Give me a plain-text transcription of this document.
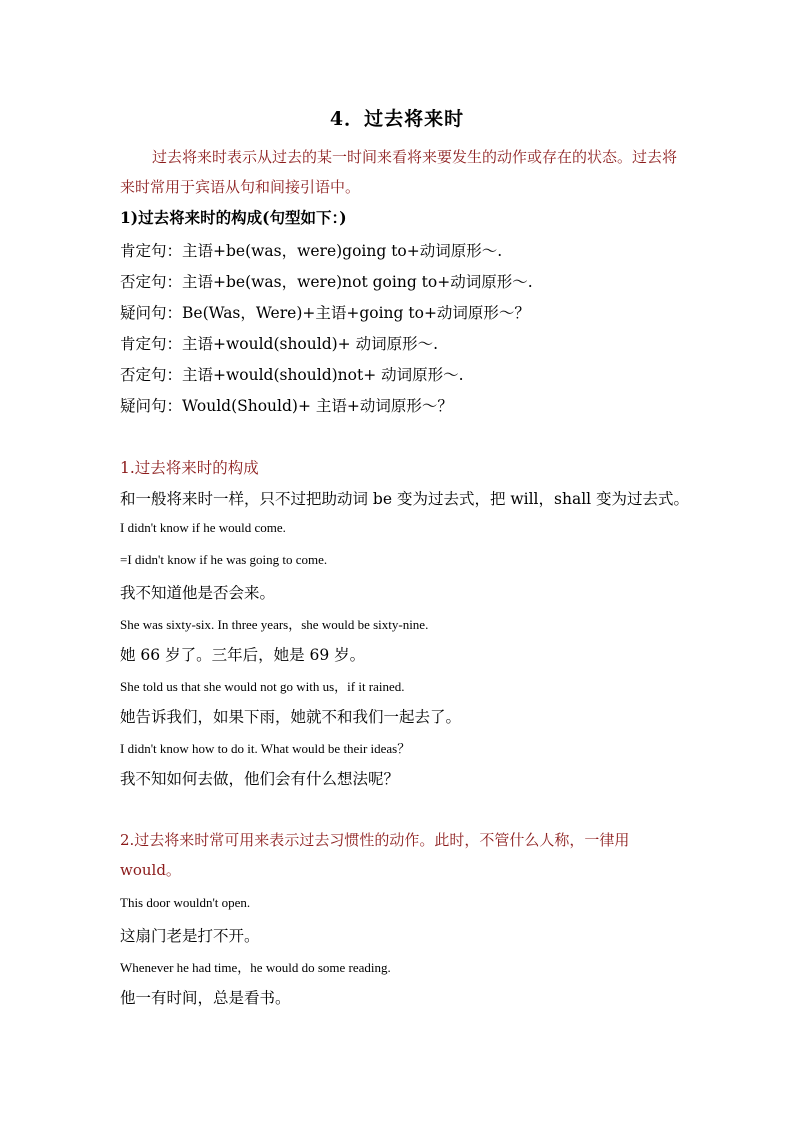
4．过去将来时

过去将来时表示从过去的某一时间来看将来要发生的动作或存在的状态。过去将来时常用于宾语从句和间接引语中。

1)过去将来时的构成(句型如下：)
肯定句：主语+be(was，were)going to+动词原形～.
否定句：主语+be(was，were)not going to+动词原形～.
疑问句：Be(Was，Were)+主语+going to+动词原形～？
肯定句：主语+would(should)+ 动词原形～.
否定句：主语+would(should)not+ 动词原形～.
疑问句：Would(Should)+ 主语+动词原形～？
1.过去将来时的构成
和一般将来时一样，只不过把助动词 be 变为过去式，把 will，shall 变为过去式。
I didn't know if he would come.
=I didn't know if he was going to come.
我不知道他是否会来。
She was sixty-six. In three years，she would be sixty-nine.
她 66 岁了。三年后，她是 69 岁。
She told us that she would not go with us，if it rained.
她告诉我们，如果下雨，她就不和我们一起去了。
I didn't know how to do it. What would be their ideas？
我不知如何去做，他们会有什么想法呢？

2.过去将来时常可用来表示过去习惯性的动作。此时，不管什么人称，一律用 would。

This door wouldn't open.
这扇门老是打不开。
Whenever he had time，he would do some reading.
他一有时间，总是看书。
